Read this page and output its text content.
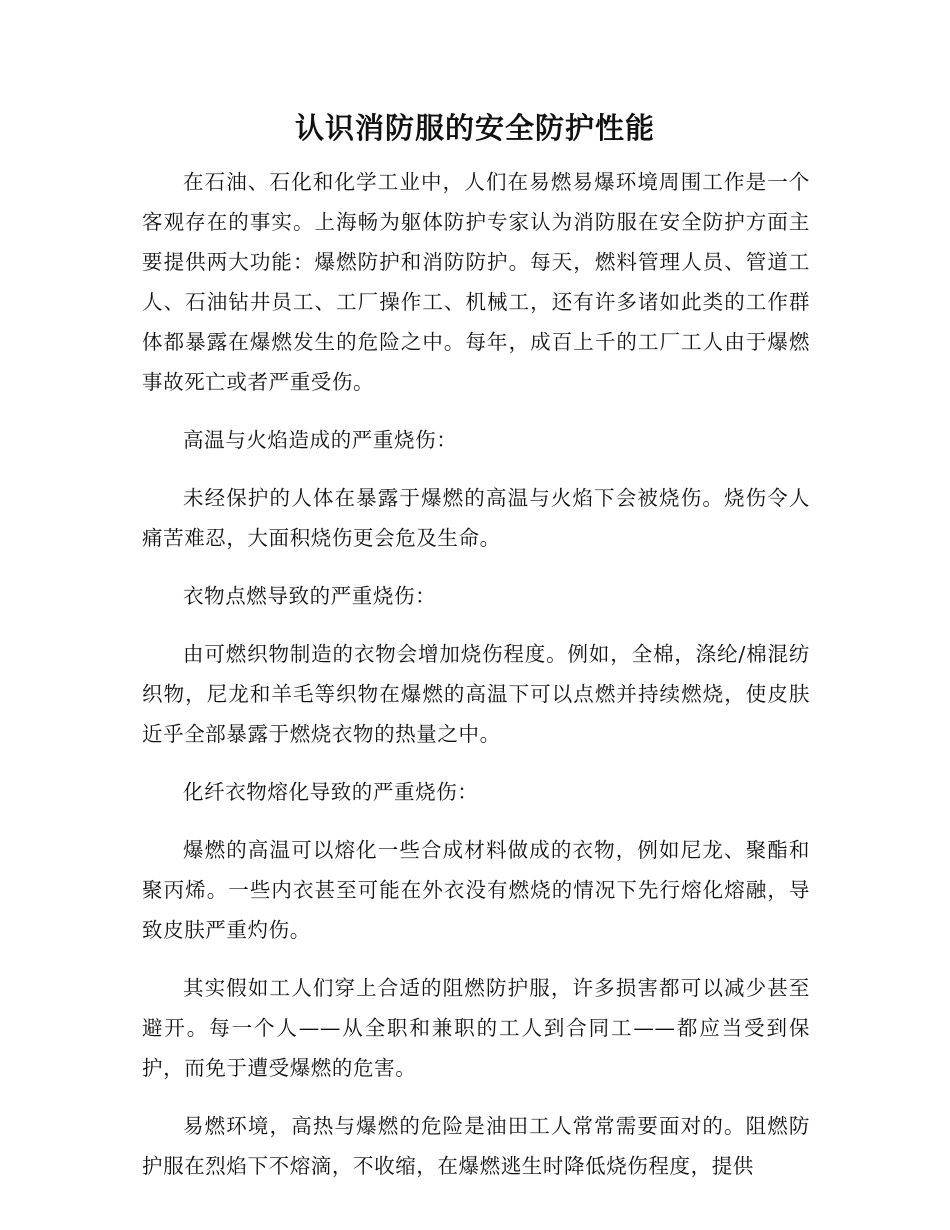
认识消防服的安全防护性能

在石油、石化和化学工业中，人们在易燃易爆环境周围工作是一个客观存在的事实。上海畅为躯体防护专家认为消防服在安全防护方面主要提供两大功能：爆燃防护和消防防护。每天，燃料管理人员、管道工人、石油钻井员工、工厂操作工、机械工，还有许多诸如此类的工作群体都暴露在爆燃发生的危险之中。每年，成百上千的工厂工人由于爆燃事故死亡或者严重受伤。

高温与火焰造成的严重烧伤：

未经保护的人体在暴露于爆燃的高温与火焰下会被烧伤。烧伤令人痛苦难忍，大面积烧伤更会危及生命。

衣物点燃导致的严重烧伤：

由可燃织物制造的衣物会增加烧伤程度。例如，全棉，涤纶/棉混纺织物，尼龙和羊毛等织物在爆燃的高温下可以点燃并持续燃烧，使皮肤近乎全部暴露于燃烧衣物的热量之中。

化纤衣物熔化导致的严重烧伤：

爆燃的高温可以熔化一些合成材料做成的衣物，例如尼龙、聚酯和聚丙烯。一些内衣甚至可能在外衣没有燃烧的情况下先行熔化熔融，导致皮肤严重灼伤。

其实假如工人们穿上合适的阻燃防护服，许多损害都可以减少甚至避开。每一个人——从全职和兼职的工人到合同工——都应当受到保护，而免于遭受爆燃的危害。

易燃环境，高热与爆燃的危险是油田工人常常需要面对的。阻燃防护服在烈焰下不熔滴，不收缩，在爆燃逃生时降低烧伤程度，提供
